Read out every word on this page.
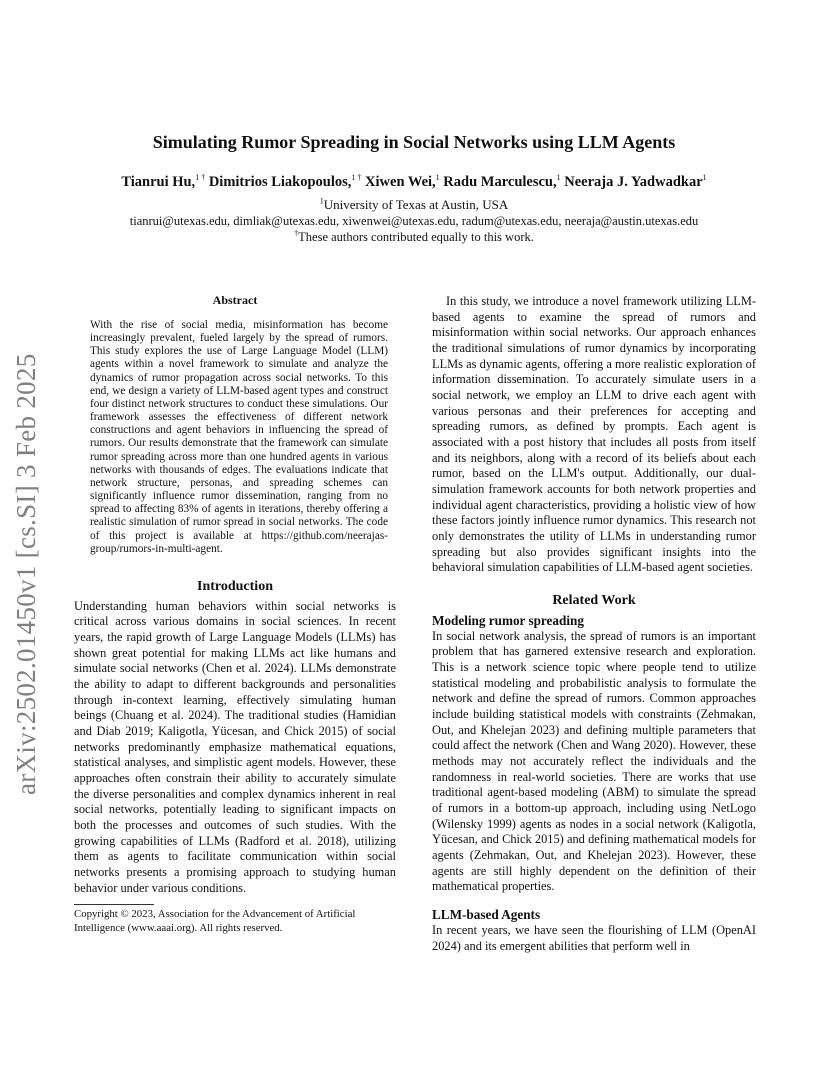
arXiv:2502.01450v1 [cs.SI] 3 Feb 2025
Simulating Rumor Spreading in Social Networks using LLM Agents
Tianrui Hu,$^{1 \dagger}$ Dimitrios Liakopoulos,$^{1 \dagger}$ Xiwen Wei,$^1$ Radu Marculescu,$^1$ Neeraja J. Yadwadkar$^1$
$^1$University of Texas at Austin, USA
tianrui@utexas.edu, dimliak@utexas.edu, xiwenwei@utexas.edu, radum@utexas.edu, neeraja@austin.utexas.edu
†These authors contributed equally to this work.
Abstract
With the rise of social media, misinformation has become increasingly prevalent, fueled largely by the spread of rumors. This study explores the use of Large Language Model (LLM) agents within a novel framework to simulate and analyze the dynamics of rumor propagation across social networks. To this end, we design a variety of LLM-based agent types and construct four distinct network structures to conduct these simulations. Our framework assesses the effectiveness of different network constructions and agent behaviors in influencing the spread of rumors. Our results demonstrate that the framework can simulate rumor spreading across more than one hundred agents in various networks with thousands of edges. The evaluations indicate that network structure, personas, and spreading schemes can significantly influence rumor dissemination, ranging from no spread to affecting 83% of agents in iterations, thereby offering a realistic simulation of rumor spread in social networks. The code of this project is available at https://github.com/neerajas-group/rumors-in-multi-agent.
Introduction

Understanding human behaviors within social networks is critical across various domains in social sciences. In recent years, the rapid growth of Large Language Models (LLMs) has shown great potential for making LLMs act like humans and simulate social networks (Chen et al. 2024). LLMs demonstrate the ability to adapt to different backgrounds and personalities through in-context learning, effectively simulating human beings (Chuang et al. 2024). The traditional studies (Hamidian and Diab 2019; Kaligotla, Yücesan, and Chick 2015) of social networks predominantly emphasize mathematical equations, statistical analyses, and simplistic agent models. However, these approaches often constrain their ability to accurately simulate the diverse personalities and complex dynamics inherent in real social networks, potentially leading to significant impacts on both the processes and outcomes of such studies. With the growing capabilities of LLMs (Radford et al. 2018), utilizing them as agents to facilitate communication within social networks presents a promising approach to studying human behavior under various conditions.

Copyright © 2023, Association for the Advancement of Artificial Intelligence (www.aaai.org). All rights reserved.

In this study, we introduce a novel framework utilizing LLM-based agents to examine the spread of rumors and misinformation within social networks. Our approach enhances the traditional simulations of rumor dynamics by incorporating LLMs as dynamic agents, offering a more realistic exploration of information dissemination. To accurately simulate users in a social network, we employ an LLM to drive each agent with various personas and their preferences for accepting and spreading rumors, as defined by prompts. Each agent is associated with a post history that includes all posts from itself and its neighbors, along with a record of its beliefs about each rumor, based on the LLM's output. Additionally, our dual-simulation framework accounts for both network properties and individual agent characteristics, providing a holistic view of how these factors jointly influence rumor dynamics. This research not only demonstrates the utility of LLMs in understanding rumor spreading but also provides significant insights into the behavioral simulation capabilities of LLM-based agent societies.

Related Work
Modeling rumor spreading

In social network analysis, the spread of rumors is an important problem that has garnered extensive research and exploration. This is a network science topic where people tend to utilize statistical modeling and probabilistic analysis to formulate the network and define the spread of rumors. Common approaches include building statistical models with constraints (Zehmakan, Out, and Khelejan 2023) and defining multiple parameters that could affect the network (Chen and Wang 2020). However, these methods may not accurately reflect the individuals and the randomness in real-world societies. There are works that use traditional agent-based modeling (ABM) to simulate the spread of rumors in a bottom-up approach, including using NetLogo (Wilensky 1999) agents as nodes in a social network (Kaligotla, Yücesan, and Chick 2015) and defining mathematical models for agents (Zehmakan, Out, and Khelejan 2023). However, these agents are still highly dependent on the definition of their mathematical properties.

LLM-based Agents

In recent years, we have seen the flourishing of LLM (OpenAI 2024) and its emergent abilities that perform well in
